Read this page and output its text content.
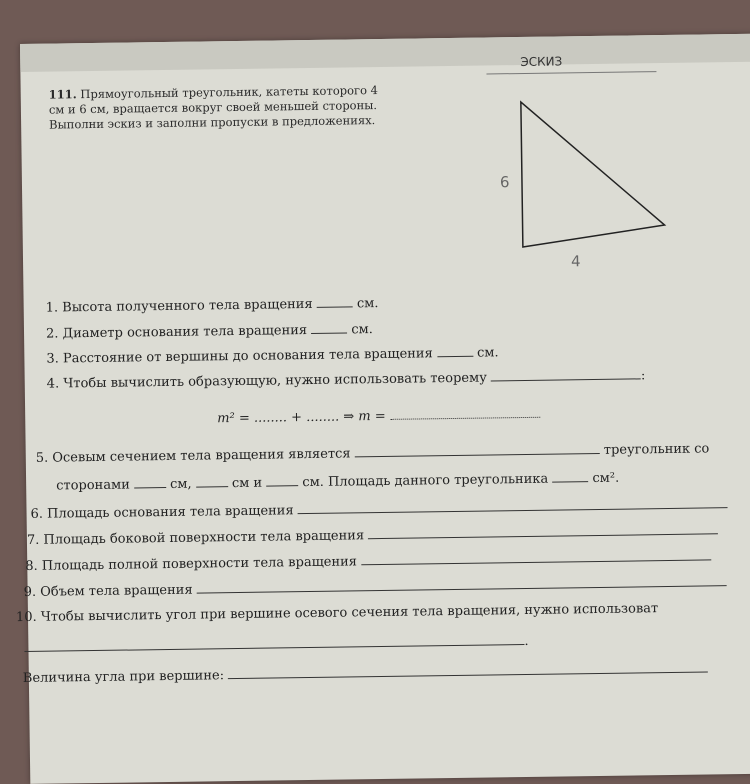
111. Прямоугольный треугольник, катеты которого 4 см и 6 см, вращается вокруг своей меньшей стороны. Выполни эскиз и заполни пропуски в предложениях.
ЭСКИЗ
6
4
1. Высота полученного тела вращения	см.
2. Диаметр основания тела вращения	см.
3. Расстояние от вершины до основания тела вращения	см.
4. Чтобы вычислить образующую, нужно использовать теорему	:
m² = ........ + ........ ⇒ m =
5. Осевым сечением тела вращения является	треугольник со
сторонами	см,	см и	см. Площадь данного треугольника	см².
6. Площадь основания тела вращения
7. Площадь боковой поверхности тела вращения
8. Площадь полной поверхности тела вращения
9. Объем тела вращения
10. Чтобы вычислить угол при вершине осевого сечения тела вращения, нужно использоват
.
Величина угла при вершине:
